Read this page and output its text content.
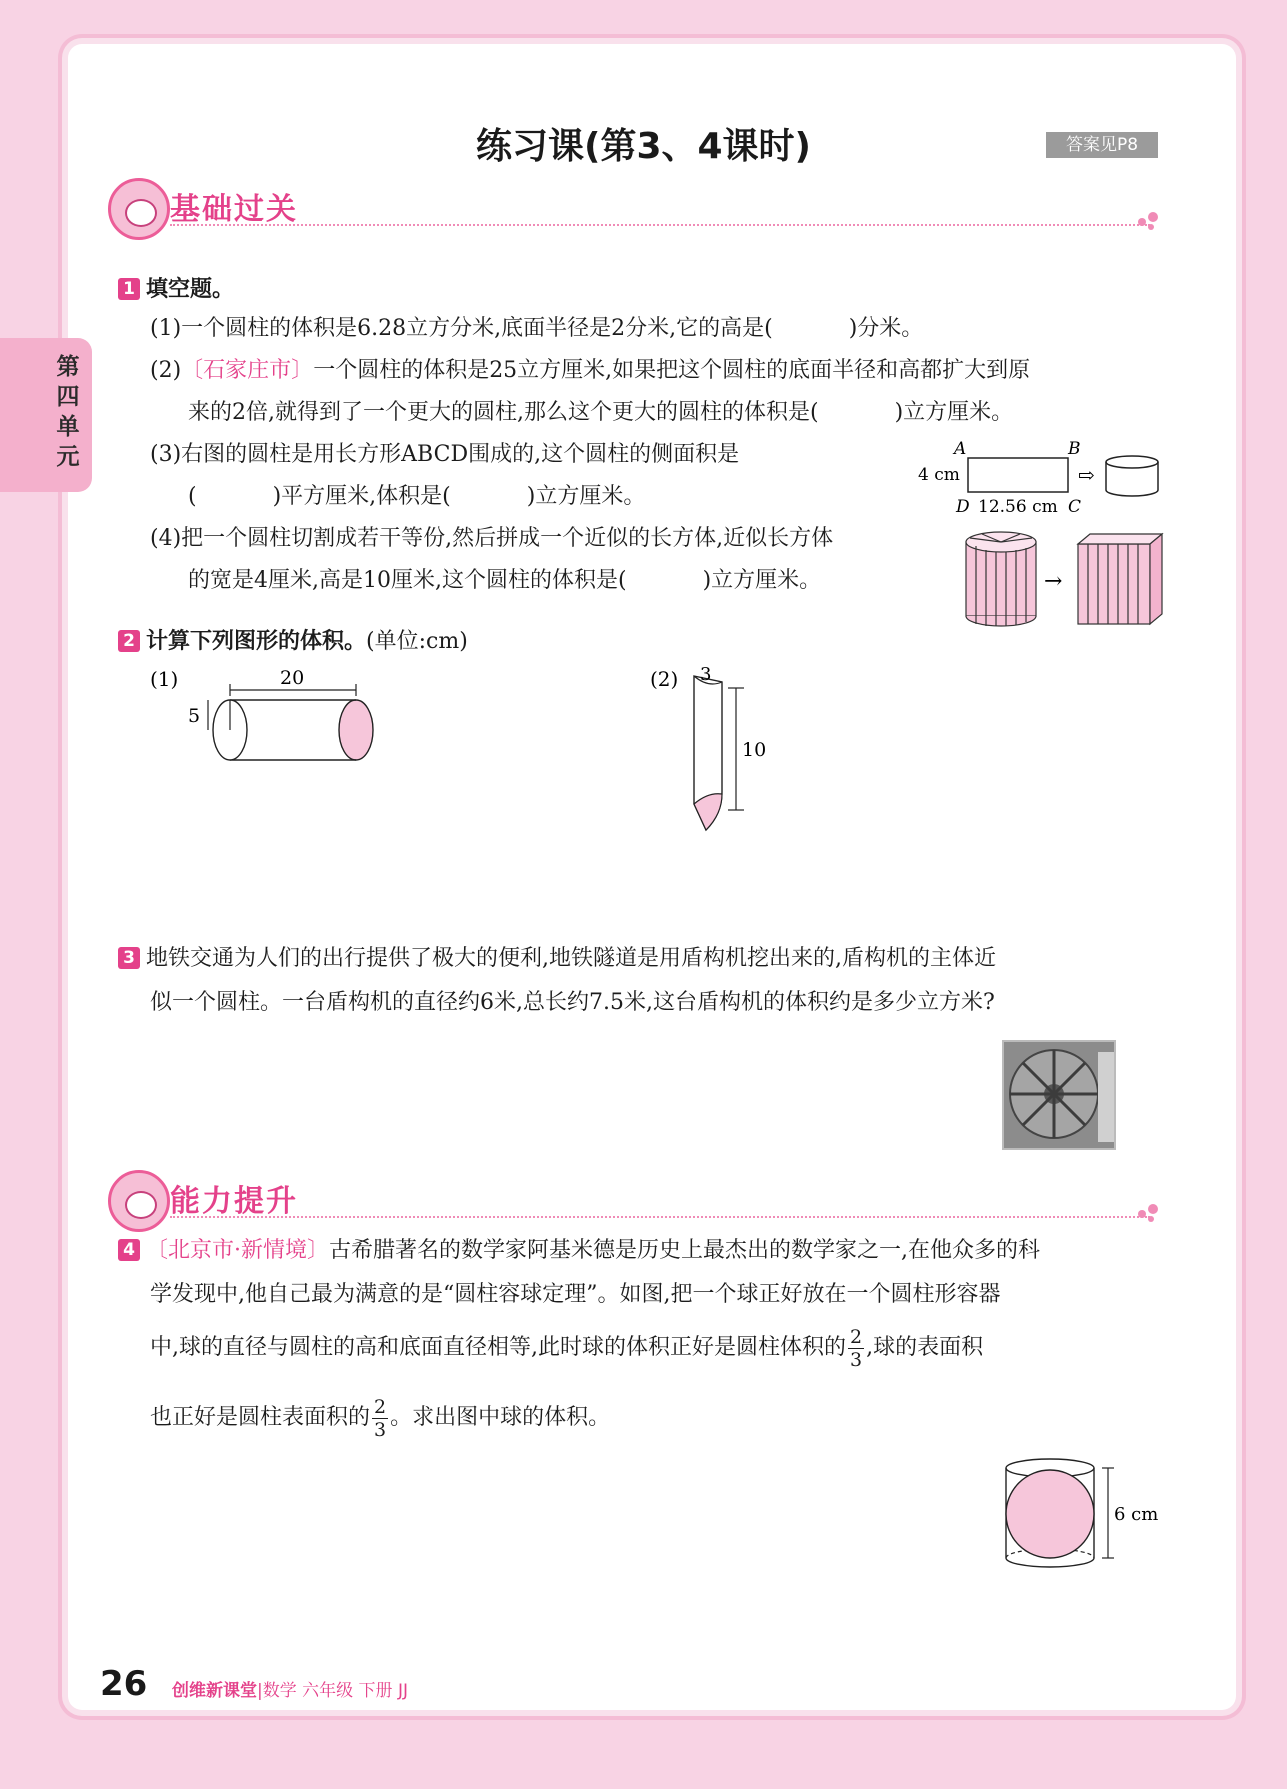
第四单元
练习课(第3、4课时)	答案见P8
基础过关
1 填空题。
(1)一个圆柱的体积是6.28立方分米,底面半径是2分米,它的高是(	)分米。
(2)〔石家庄市〕一个圆柱的体积是25立方厘米,如果把这个圆柱的底面半径和高都扩大到原
来的2倍,就得到了一个更大的圆柱,那么这个更大的圆柱的体积是(	)立方厘米。
(3)右图的圆柱是用长方形ABCD围成的,这个圆柱的侧面积是
(	)平方厘米,体积是(	)立方厘米。
(4)把一个圆柱切割成若干等份,然后拼成一个近似的长方体,近似长方体
的宽是4厘米,高是10厘米,这个圆柱的体积是(	)立方厘米。
A	B
4 cm
D 12.56 cm C
⇨
→
2 计算下列图形的体积。(单位:cm)
(1)	20
5
(2) 3
10
3 地铁交通为人们的出行提供了极大的便利,地铁隧道是用盾构机挖出来的,盾构机的主体近
似一个圆柱。一台盾构机的直径约6米,总长约7.5米,这台盾构机的体积约是多少立方米?
能力提升
4 〔北京市·新情境〕古希腊著名的数学家阿基米德是历史上最杰出的数学家之一,在他众多的科
学发现中,他自己最为满意的是“圆柱容球定理”。如图,把一个球正好放在一个圆柱形容器
中,球的直径与圆柱的高和底面直径相等,此时球的体积正好是圆柱体积的 $\frac{2}{3}$ ,球的表面积
也正好是圆柱表面积的 $\frac{2}{3}$ 。求出图中球的体积。
6 cm
26 创维新课堂|数学 六年级 下册 JJ
